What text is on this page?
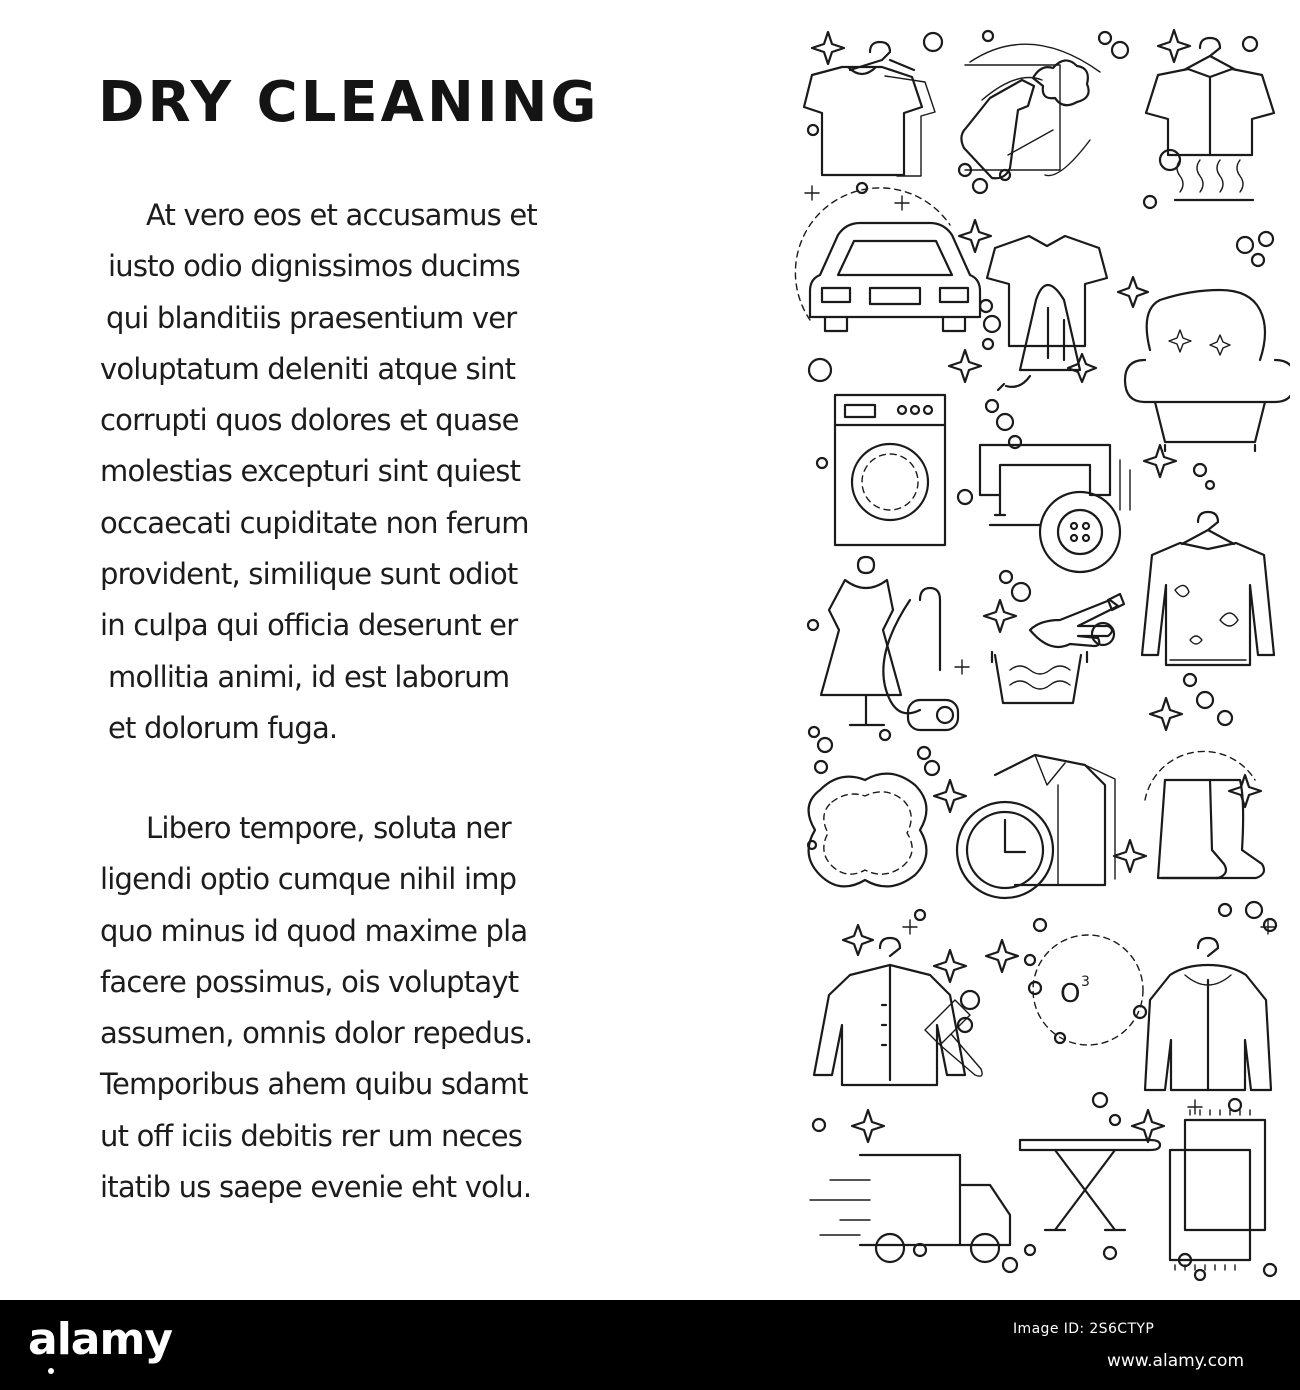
DRY CLEANING

At vero eos et accusamus et
iusto odio dignissimos ducims
qui blanditiis praesentium ver
voluptatum deleniti atque sint
corrupti quos dolores et quase
molestias excepturi sint quiest
occaecati cupiditate non ferum
provident, similique sunt odiot
in culpa qui officia deserunt er
mollitia animi, id est laborum
et dolorum fuga.

Libero tempore, soluta ner
ligendi optio cumque nihil imp
quo minus id quod maxime pla
facere possimus, ois voluptayt
assumen, omnis dolor repedus.
Temporibus ahem quibu sdamt
ut off iciis debitis rer um neces
itatib us saepe evenie eht volu.

O 3
alamy	Image ID: 2S6CTYP
www.alamy.com
